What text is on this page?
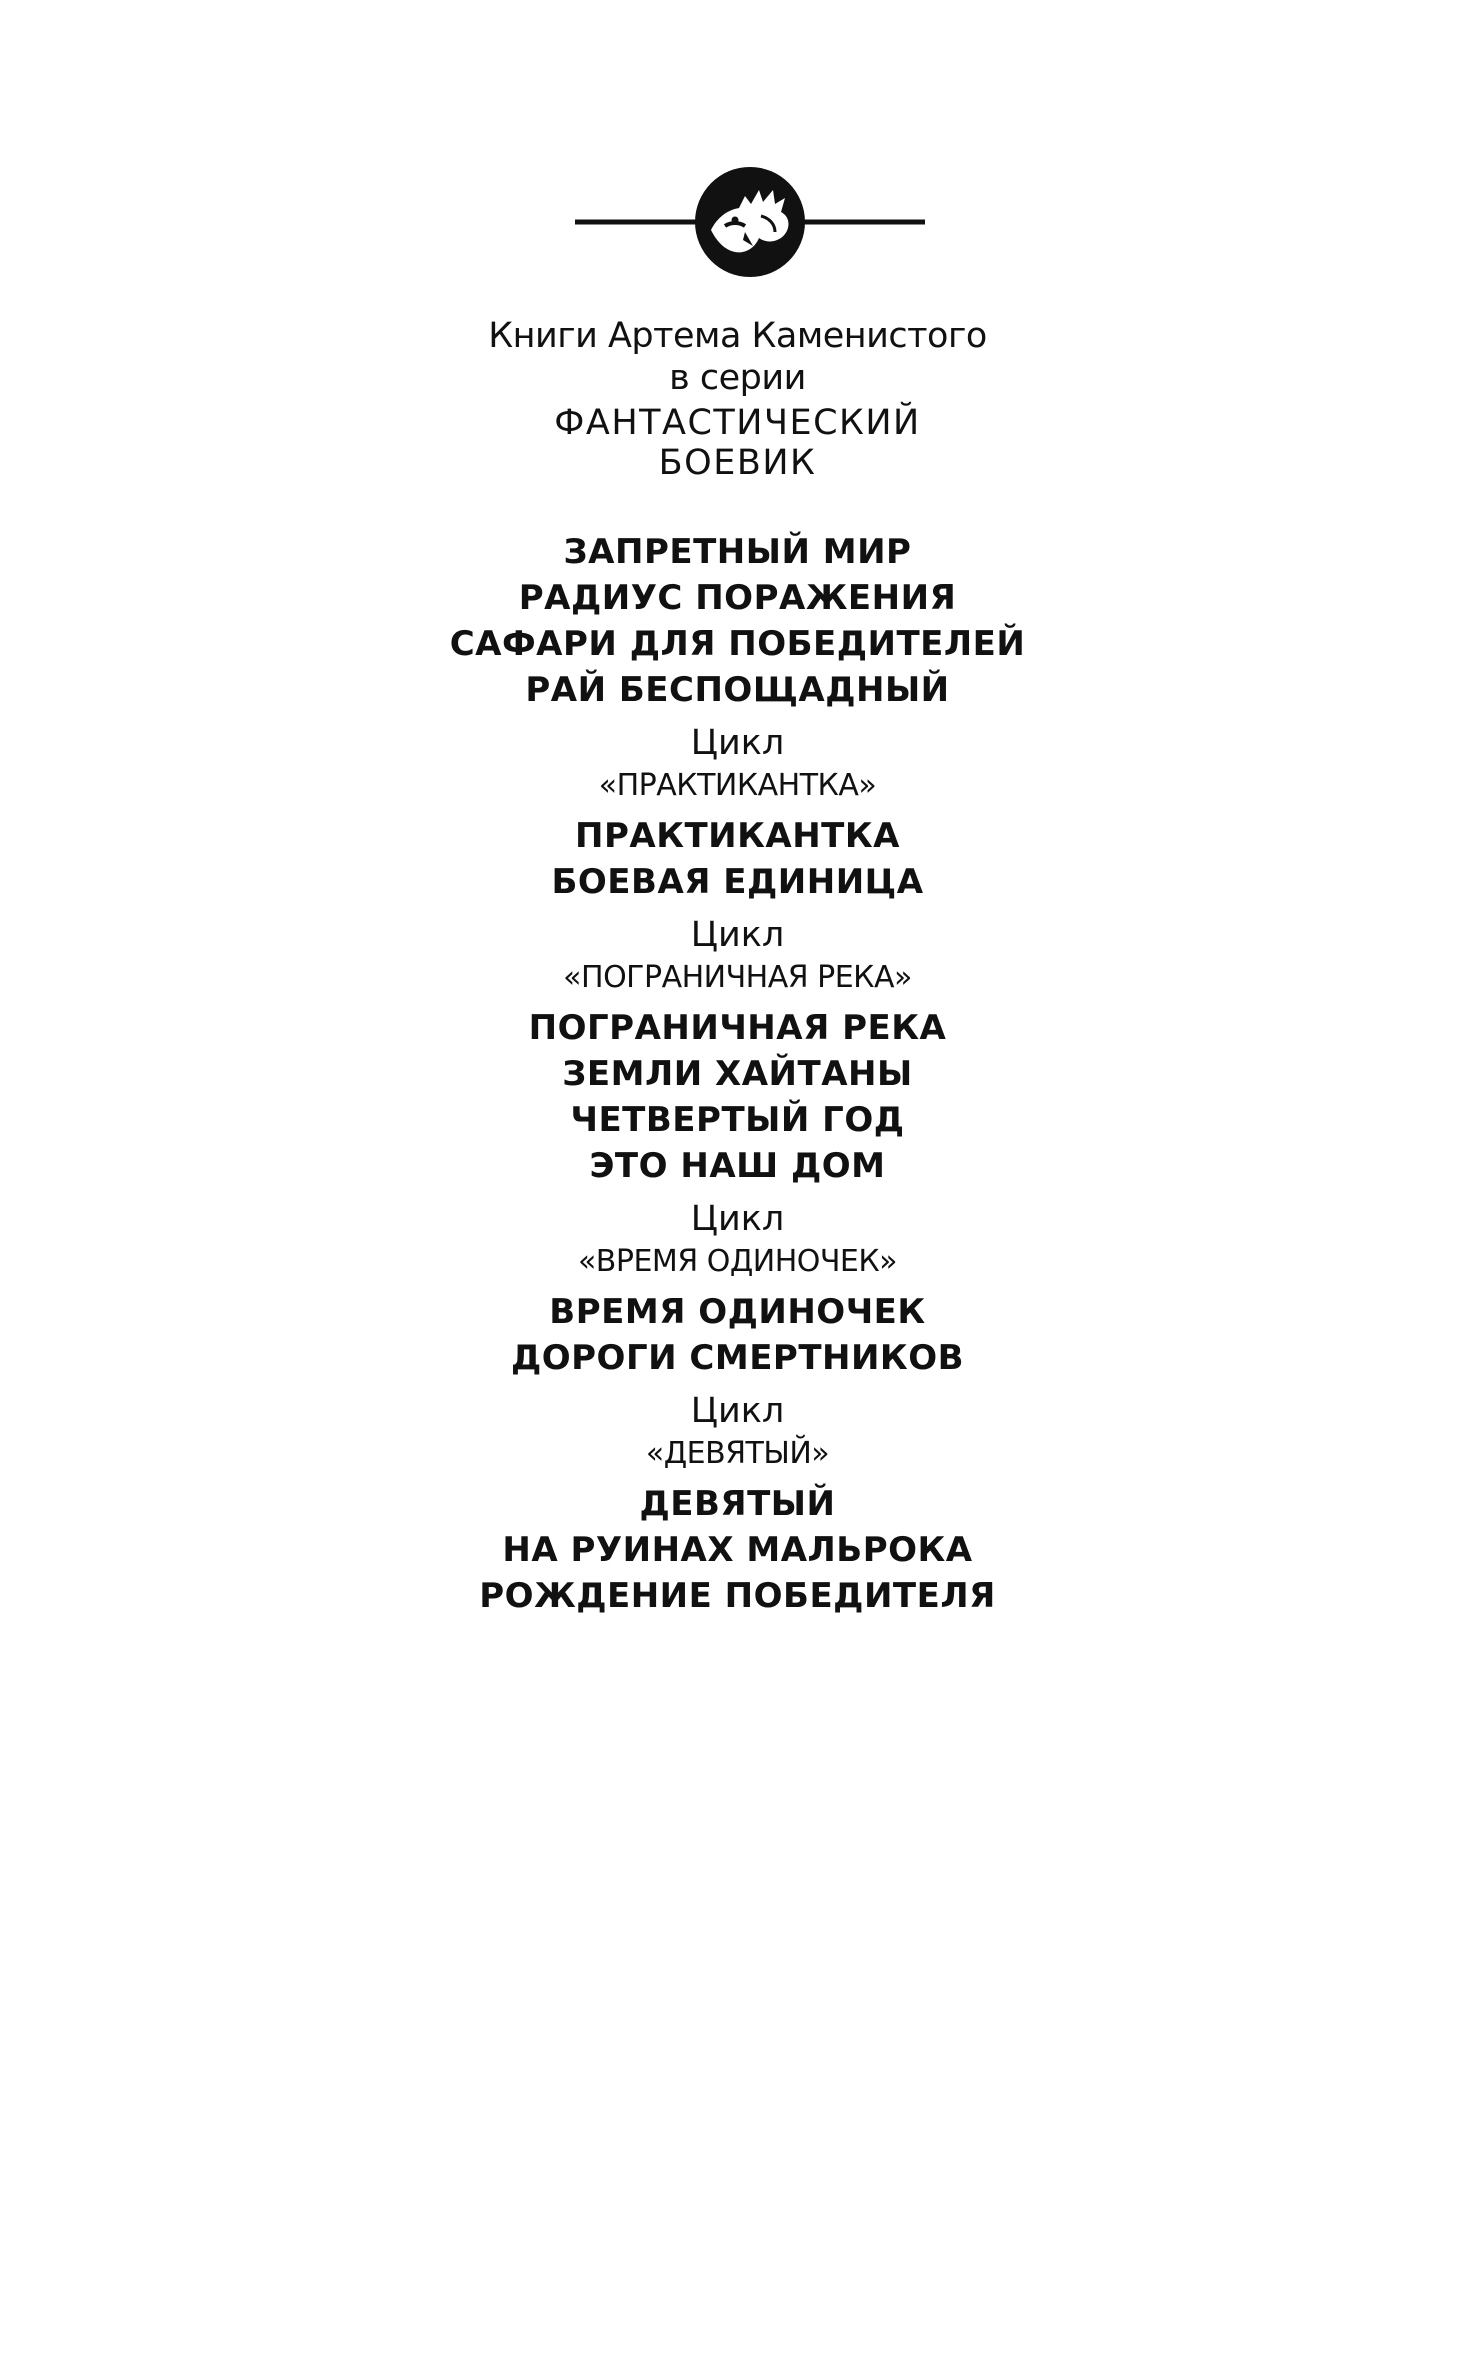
Книги Артема Каменистого
в серии
ФАНТАСТИЧЕСКИЙ
БОЕВИК
ЗАПРЕТНЫЙ МИР
РАДИУС ПОРАЖЕНИЯ
САФАРИ ДЛЯ ПОБЕДИТЕЛЕЙ
РАЙ БЕСПОЩАДНЫЙ
Цикл
«ПРАКТИКАНТКА»
ПРАКТИКАНТКА
БОЕВАЯ ЕДИНИЦА
Цикл
«ПОГРАНИЧНАЯ РЕКА»
ПОГРАНИЧНАЯ РЕКА
ЗЕМЛИ ХАЙТАНЫ
ЧЕТВЕРТЫЙ ГОД
ЭТО НАШ ДОМ
Цикл
«ВРЕМЯ ОДИНОЧЕК»
ВРЕМЯ ОДИНОЧЕК
ДОРОГИ СМЕРТНИКОВ
Цикл
«ДЕВЯТЫЙ»
ДЕВЯТЫЙ
НА РУИНАХ МАЛЬРОКА
РОЖДЕНИЕ ПОБЕДИТЕЛЯ
